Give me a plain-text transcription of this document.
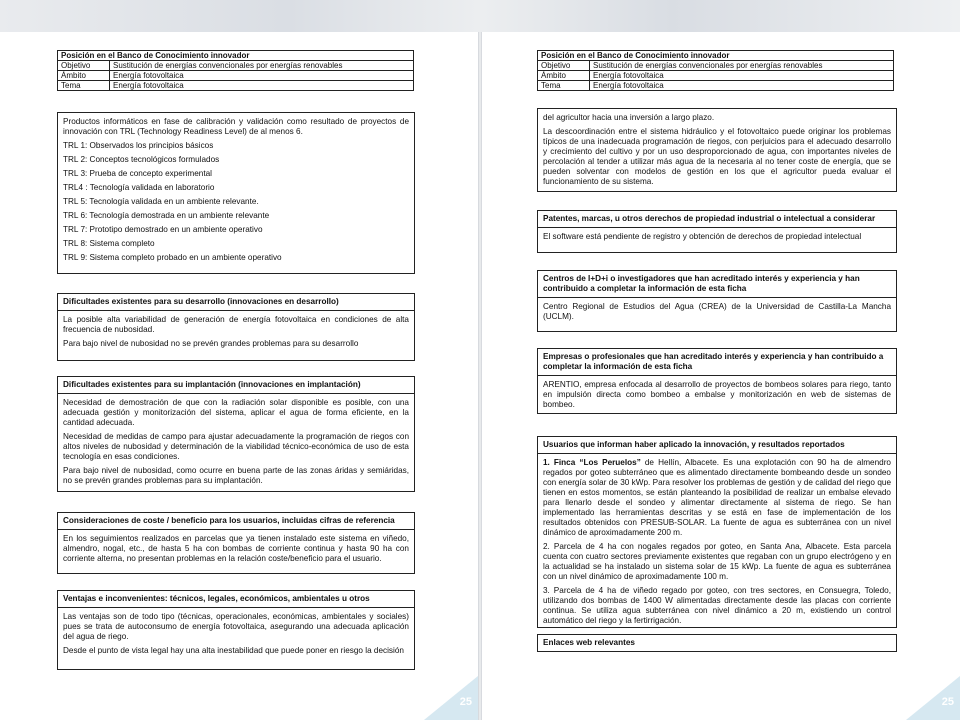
Posición en el Banco de Conocimiento innovador	
Objetivo	Sustitución de energías convencionales por energías renovables
Ámbito	Energía fotovoltaica
Tema	Energía fotovoltaica

Productos informáticos en fase de calibración y validación como resultado de proyectos de innovación con TRL (Technology Readiness Level) de al menos 6.

TRL 1: Observados los principios básicos

TRL 2: Conceptos tecnológicos formulados

TRL 3: Prueba de concepto experimental

TRL4 : Tecnología validada en laboratorio

TRL 5: Tecnología validada en un ambiente relevante.

TRL 6: Tecnología demostrada en un ambiente relevante

TRL 7: Prototipo demostrado en un ambiente operativo

TRL 8: Sistema completo

TRL 9: Sistema completo probado en un ambiente operativo

Dificultades existentes para su desarrollo (innovaciones en desarrollo)

La posible alta variabilidad de generación de energía fotovoltaica en condiciones de alta frecuencia de nubosidad.

Para bajo nivel de nubosidad no se prevén grandes problemas para su desarrollo

Dificultades existentes para su implantación (innovaciones en implantación)

Necesidad de demostración de que con la radiación solar disponible es posible, con una adecuada gestión y monitorización del sistema, aplicar el agua de forma eficiente, en la cantidad adecuada.

Necesidad de medidas de campo para ajustar adecuadamente la programación de riegos con altos niveles de nubosidad y determinación de la viabilidad técnico-económica de uso de esta tecnología en esas condiciones.

Para bajo nivel de nubosidad, como ocurre en buena parte de las zonas áridas y semiáridas, no se prevén grandes problemas para su implantación.

Consideraciones de coste / beneficio para los usuarios, incluidas cifras de referencia

En los seguimientos realizados en parcelas que ya tienen instalado este sistema en viñedo, almendro, nogal, etc., de hasta 5 ha con bombas de corriente continua y hasta 90 ha con corriente alterna, no presentan problemas en la relación coste/beneficio para el usuario.

Ventajas e inconvenientes: técnicos, legales, económicos, ambientales u otros

Las ventajas son de todo tipo (técnicas, operacionales, económicas, ambientales y sociales) pues se trata de autoconsumo de energía fotovoltaica, asegurando una adecuada aplicación del agua de riego.

Desde el punto de vista legal hay una alta inestabilidad que puede poner en riesgo la decisión

25
Posición en el Banco de Conocimiento innovador	
Objetivo	Sustitución de energías convencionales por energías renovables
Ámbito	Energía fotovoltaica
Tema	Energía fotovoltaica

del agricultor hacia una inversión a largo plazo.

La descoordinación entre el sistema hidráulico y el fotovoltaico puede originar los problemas típicos de una inadecuada programación de riegos, con perjuicios para el adecuado desarrollo y crecimiento del cultivo y por un uso desproporcionado de agua, con importantes niveles de percolación al tender a utilizar más agua de la necesaria al no tener coste de energía, que se pueden solventar con modelos de gestión en los que el agricultor pueda evaluar el funcionamiento de su sistema.

Patentes, marcas, u otros derechos de propiedad industrial o intelectual a considerar

El software está pendiente de registro y obtención de derechos de propiedad intelectual

Centros de I+D+i o investigadores que han acreditado interés y experiencia y han contribuido a completar la información de esta ficha

Centro Regional de Estudios del Agua (CREA) de la Universidad de Castilla-La Mancha (UCLM).

Empresas o profesionales que han acreditado interés y experiencia y han contribuido a completar la información de esta ficha

ARENTIO, empresa enfocada al desarrollo de proyectos de bombeos solares para riego, tanto en impulsión directa como bombeo a embalse y monitorización en web de sistemas de bombeo.

Usuarios que informan haber aplicado la innovación, y resultados reportados

1. Finca “Los Peruelos” de Hellín, Albacete. Es una explotación con 90 ha de almendro regados por goteo subterráneo que es alimentado directamente bombeando desde un sondeo con energía solar de 30 kWp. Para resolver los problemas de gestión y de calidad del riego que tienen en estos momentos, se están planteando la posibilidad de realizar un embalse elevado para llenarlo desde el sondeo y alimentar directamente al sistema de riego. Se han implementado las herramientas descritas y se está en fase de implementación de los resultados obtenidos con PRESUB-SOLAR. La fuente de agua es subterránea con un nivel dinámico de aproximadamente 200 m.

2. Parcela de 4 ha con nogales regados por goteo, en Santa Ana, Albacete. Esta parcela cuenta con cuatro sectores previamente existentes que regaban con un grupo electrógeno y en la actualidad se ha instalado un sistema solar de 15 kWp. La fuente de agua es subterránea con un nivel dinámico de aproximadamente 100 m.

3. Parcela de 4 ha de viñedo regado por goteo, con tres sectores, en Consuegra, Toledo, utilizando dos bombas de 1400 W alimentadas directamente desde las placas con corriente continua. Se utiliza agua subterránea con nivel dinámico a 20 m, existiendo un control automático del riego y la fertirrigación.

Enlaces web relevantes
25
